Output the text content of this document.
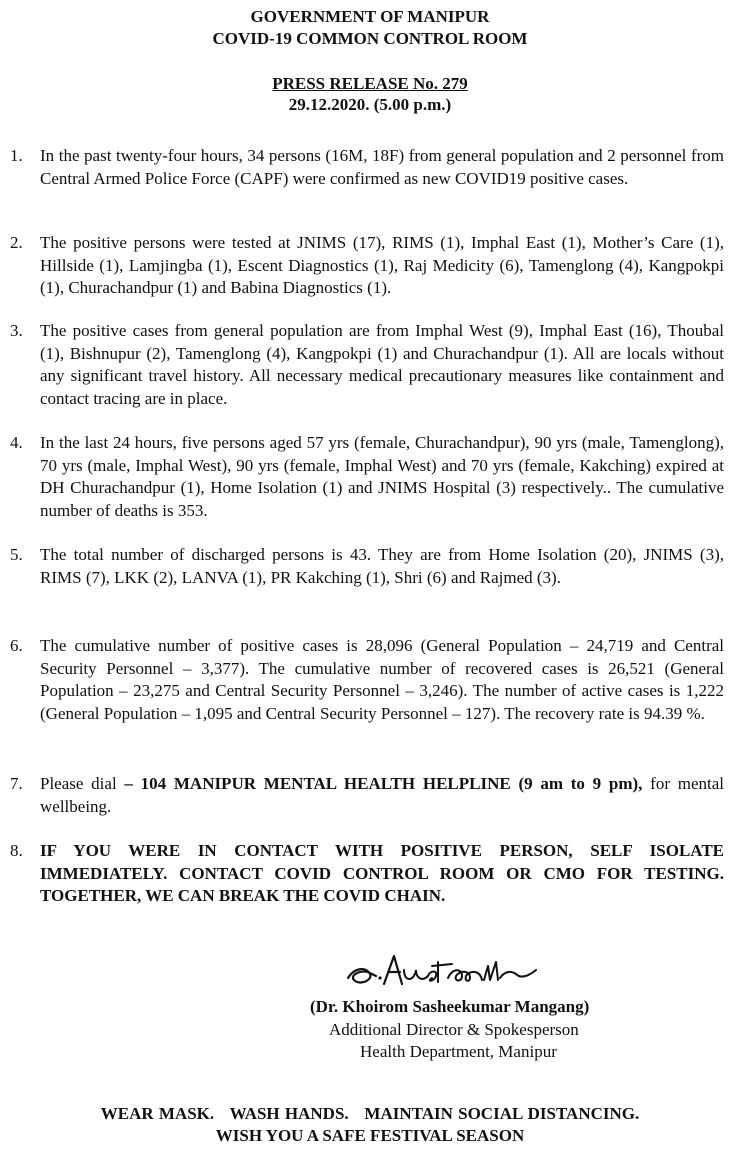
GOVERNMENT OF MANIPUR
COVID-19 COMMON CONTROL ROOM
PRESS RELEASE No. 279
29.12.2020. (5.00 p.m.)
1. In the past twenty-four hours, 34 persons (16M, 18F) from general population and 2 personnel from Central Armed Police Force (CAPF) were confirmed as new COVID19 positive cases.
2. The positive persons were tested at JNIMS (17), RIMS (1), Imphal East (1), Mother’s Care (1), Hillside (1), Lamjingba (1), Escent Diagnostics (1), Raj Medicity (6), Tamenglong (4), Kangpokpi (1), Churachandpur (1) and Babina Diagnostics (1).
3. The positive cases from general population are from Imphal West (9), Imphal East (16), Thoubal (1), Bishnupur (2), Tamenglong (4), Kangpokpi (1) and Churachandpur (1). All are locals without any significant travel history. All necessary medical precautionary measures like containment and contact tracing are in place.
4. In the last 24 hours, five persons aged 57 yrs (female, Churachandpur), 90 yrs (male, Tamenglong), 70 yrs (male, Imphal West), 90 yrs (female, Imphal West) and 70 yrs (female, Kakching) expired at DH Churachandpur (1), Home Isolation (1) and JNIMS Hospital (3) respectively.. The cumulative number of deaths is 353.
5. The total number of discharged persons is 43. They are from Home Isolation (20), JNIMS (3), RIMS (7), LKK (2), LANVA (1), PR Kakching (1), Shri (6) and Rajmed (3).
6. The cumulative number of positive cases is 28,096 (General Population – 24,719 and Central Security Personnel – 3,377). The cumulative number of recovered cases is 26,521 (General Population – 23,275 and Central Security Personnel – 3,246). The number of active cases is 1,222 (General Population – 1,095 and Central Security Personnel – 127). The recovery rate is 94.39 %.
7. Please dial – 104 MANIPUR MENTAL HEALTH HELPLINE (9 am to 9 pm), for mental wellbeing.
8. IF YOU WERE IN CONTACT WITH POSITIVE PERSON, SELF ISOLATE IMMEDIATELY. CONTACT COVID CONTROL ROOM OR CMO FOR TESTING. TOGETHER, WE CAN BREAK THE COVID CHAIN.
(Dr. Khoirom Sasheekumar Mangang)
Additional Director & Spokesperson
Health Department, Manipur
WEAR MASK.   WASH HANDS.   MAINTAIN SOCIAL DISTANCING.
WISH YOU A SAFE FESTIVAL SEASON
